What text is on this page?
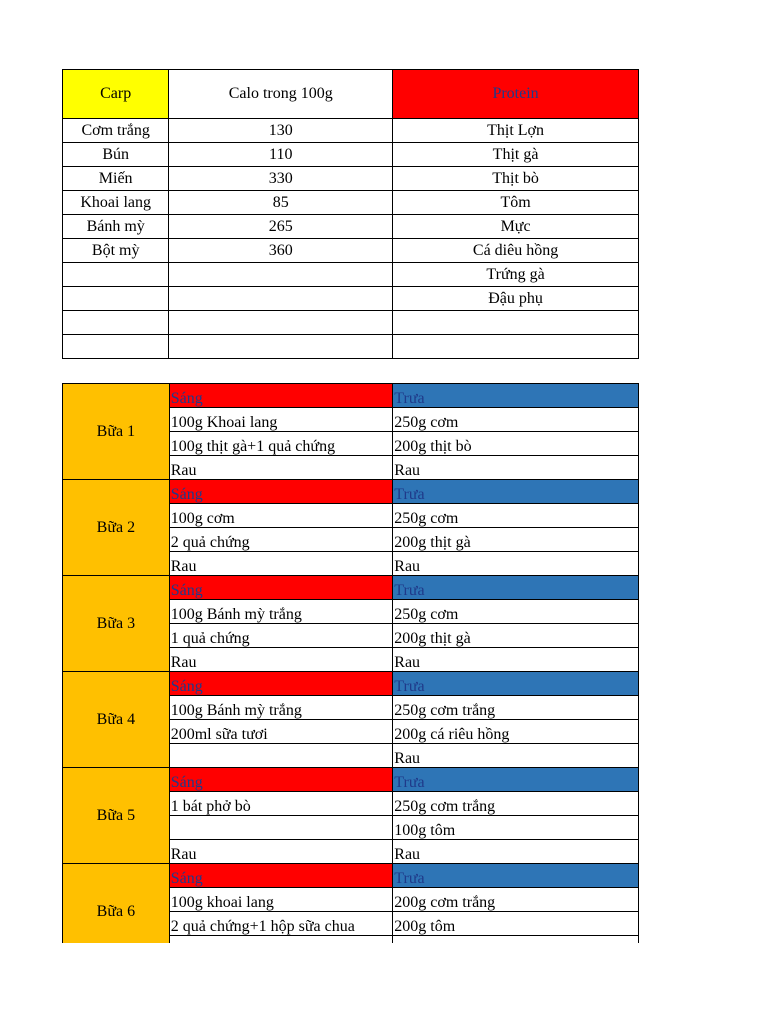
Carp	Calo trong 100g	Protein
Cơm trắng	130	Thịt Lợn
Bún	110	Thịt gà
Miến	330	Thịt bò
Khoai lang	85	Tôm
Bánh mỳ	265	Mực
Bột mỳ	360	Cá diêu hồng
		Trứng gà
		Đậu phụ

Bữa 1	Sáng	Trưa
	100g Khoai lang	250g cơm
	100g thịt gà+1 quả chứng	200g thịt bò
	Rau	Rau
Bữa 2	Sáng	Trưa
	100g cơm	250g cơm
	2 quả chứng	200g thịt gà
	Rau	Rau
Bữa 3	Sáng	Trưa
	100g Bánh mỳ trắng	250g cơm
	1 quả chứng	200g thịt gà
	Rau	Rau
Bữa 4	Sáng	Trưa
	100g Bánh mỳ trắng	250g cơm trắng
	200ml sữa tươi	200g cá riêu hồng
		Rau
Bữa 5	Sáng	Trưa
	1 bát phở bò	250g cơm trắng
		100g tôm
	Rau	Rau
Bữa 6	Sáng	Trưa
	100g khoai lang	200g cơm trắng
	2 quả chứng+1 hộp sữa chua	200g tôm
